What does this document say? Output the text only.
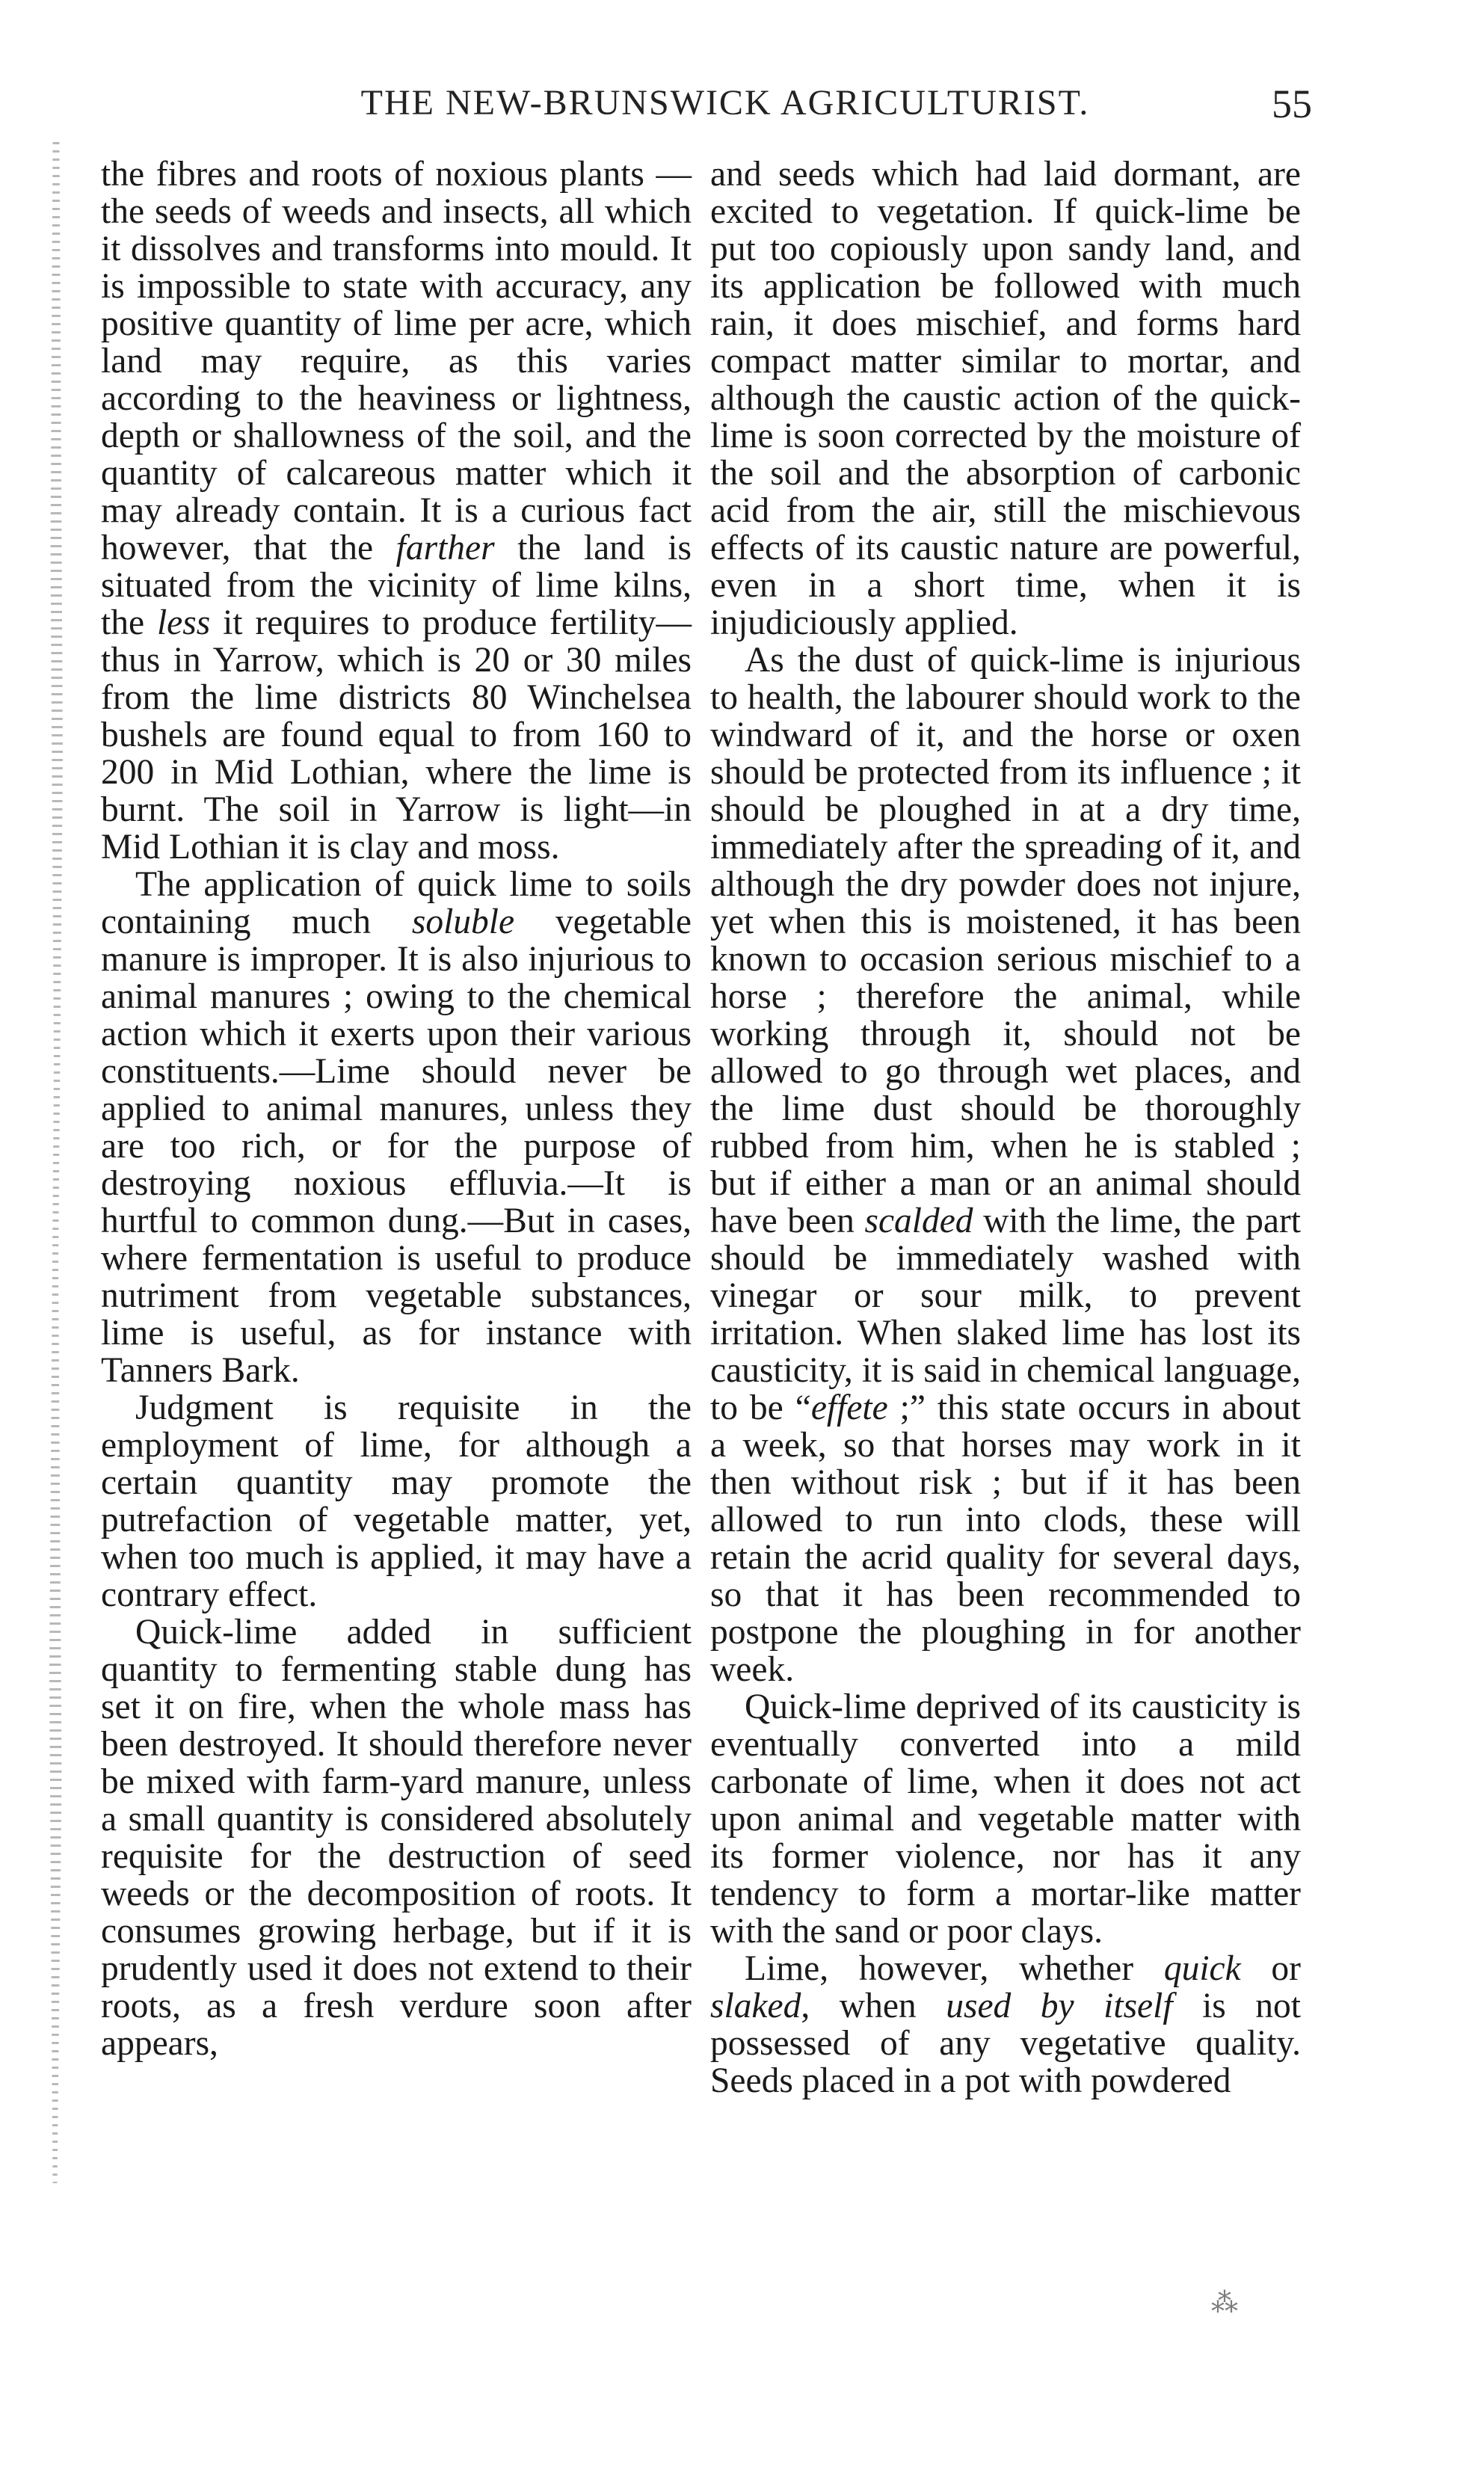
THE NEW-BRUNSWICK AGRICULTURIST.	55

the fibres and roots of noxious plants —the seeds of weeds and insects, all which it dissolves and transforms into mould. It is impossible to state with accuracy, any positive quantity of lime per acre, which land may require, as this varies according to the heaviness or lightness, depth or shallowness of the soil, and the quantity of calcareous matter which it may already contain. It is a curious fact however, that the farther the land is situated from the vicinity of lime kilns, the less it requires to produce fertility—thus in Yarrow, which is 20 or 30 miles from the lime districts 80 Winchelsea bushels are found equal to from 160 to 200 in Mid Lothian, where the lime is burnt. The soil in Yarrow is light—in Mid Lothian it is clay and moss.

The application of quick lime to soils containing much soluble vegetable manure is improper. It is also injurious to animal manures ; owing to the chemical action which it exerts upon their various constituents.—Lime should never be applied to animal manures, unless they are too rich, or for the purpose of destroying noxious effluvia.—It is hurtful to common dung.—But in cases, where fermentation is useful to produce nutriment from vegetable substances, lime is useful, as for instance with Tanners Bark.

Judgment is requisite in the employment of lime, for although a certain quantity may promote the putrefaction of vegetable matter, yet, when too much is applied, it may have a contrary effect.

Quick-lime added in sufficient quantity to fermenting stable dung has set it on fire, when the whole mass has been destroyed. It should therefore never be mixed with farm-yard manure, unless a small quantity is considered absolutely requisite for the destruction of seed weeds or the decomposition of roots. It consumes growing herbage, but if it is prudently used it does not extend to their roots, as a fresh verdure soon after appears,

and seeds which had laid dormant, are excited to vegetation. If quick-lime be put too copiously upon sandy land, and its application be followed with much rain, it does mischief, and forms hard compact matter similar to mortar, and although the caustic action of the quick-lime is soon corrected by the moisture of the soil and the absorption of carbonic acid from the air, still the mischievous effects of its caustic nature are powerful, even in a short time, when it is injudiciously applied.

As the dust of quick-lime is injurious to health, the labourer should work to the windward of it, and the horse or oxen should be protected from its influence ; it should be ploughed in at a dry time, immediately after the spreading of it, and although the dry powder does not injure, yet when this is moistened, it has been known to occasion serious mischief to a horse ; therefore the animal, while working through it, should not be allowed to go through wet places, and the lime dust should be thoroughly rubbed from him, when he is stabled ; but if either a man or an animal should have been scalded with the lime, the part should be immediately washed with vinegar or sour milk, to prevent irritation. When slaked lime has lost its causticity, it is said in chemical language, to be “effete ;” this state occurs in about a week, so that horses may work in it then without risk ; but if it has been allowed to run into clods, these will retain the acrid quality for several days, so that it has been recommended to postpone the ploughing in for another week.

Quick-lime deprived of its causticity is eventually converted into a mild carbonate of lime, when it does not act upon animal and vegetable matter with its former violence, nor has it any tendency to form a mortar-like matter with the sand or poor clays.

Lime, however, whether quick or slaked, when used by itself is not possessed of any vegetative quality. Seeds placed in a pot with powdered

⁂
